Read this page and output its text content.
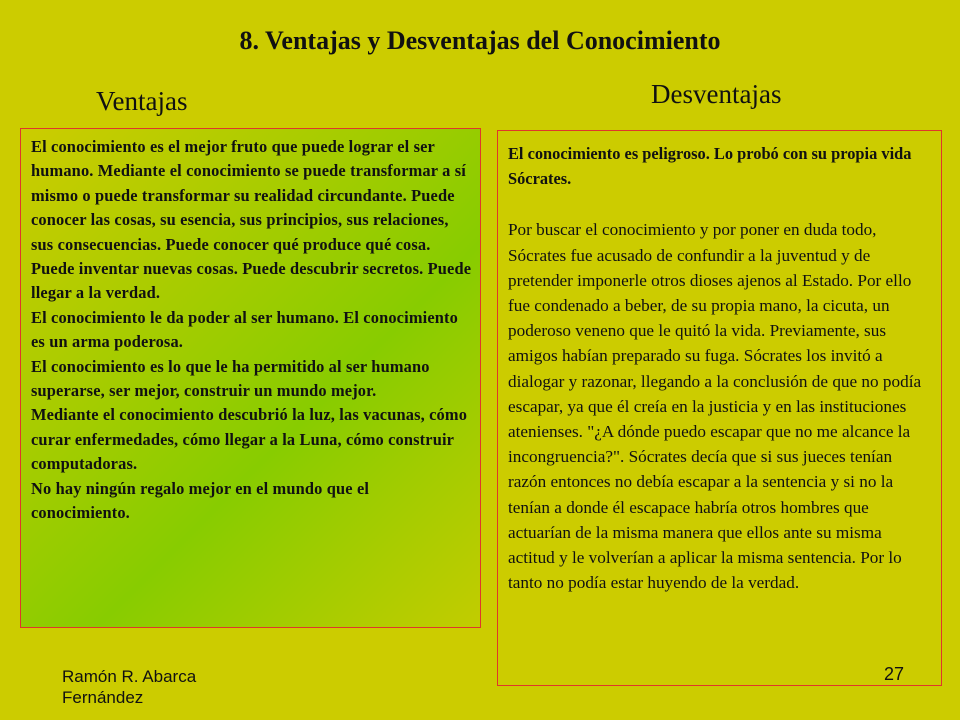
8. Ventajas y Desventajas del Conocimiento
Ventajas	Desventajas

El conocimiento es el mejor fruto que puede lograr el ser humano. Mediante el conocimiento se puede transformar a sí mismo o puede transformar su realidad circundante. Puede conocer las cosas, su esencia, sus principios, sus relaciones, sus consecuencias. Puede conocer qué produce qué cosa. Puede inventar nuevas cosas. Puede descubrir secretos. Puede llegar a la verdad.

El conocimiento le da poder al ser humano. El conocimiento es un arma poderosa.

El conocimiento es lo que le ha permitido al ser humano superarse, ser mejor, construir un mundo mejor.

Mediante el conocimiento descubrió la luz, las vacunas, cómo curar enfermedades, cómo llegar a la Luna, cómo construir computadoras.

No hay ningún regalo mejor en el mundo que el conocimiento.

El conocimiento es peligroso. Lo probó con su propia vida Sócrates.

Por buscar el conocimiento y por poner en duda todo, Sócrates fue acusado de confundir a la juventud y de pretender imponerle otros dioses ajenos al Estado. Por ello fue condenado a beber, de su propia mano, la cicuta, un poderoso veneno que le quitó la vida. Previamente, sus amigos habían preparado su fuga. Sócrates los invitó a dialogar y razonar, llegando a la conclusión de que no podía escapar, ya que él creía en la justicia y en las instituciones atenienses. "¿A dónde puedo escapar que no me alcance la incongruencia?". Sócrates decía que si sus jueces tenían razón entonces no debía escapar a la sentencia y si no la tenían a donde él escapace habría otros hombres que actuarían de la misma manera que ellos ante su misma actitud y le volverían a aplicar la misma sentencia. Por lo tanto no podía estar huyendo de la verdad.

Ramón R. Abarca Fernández
27
